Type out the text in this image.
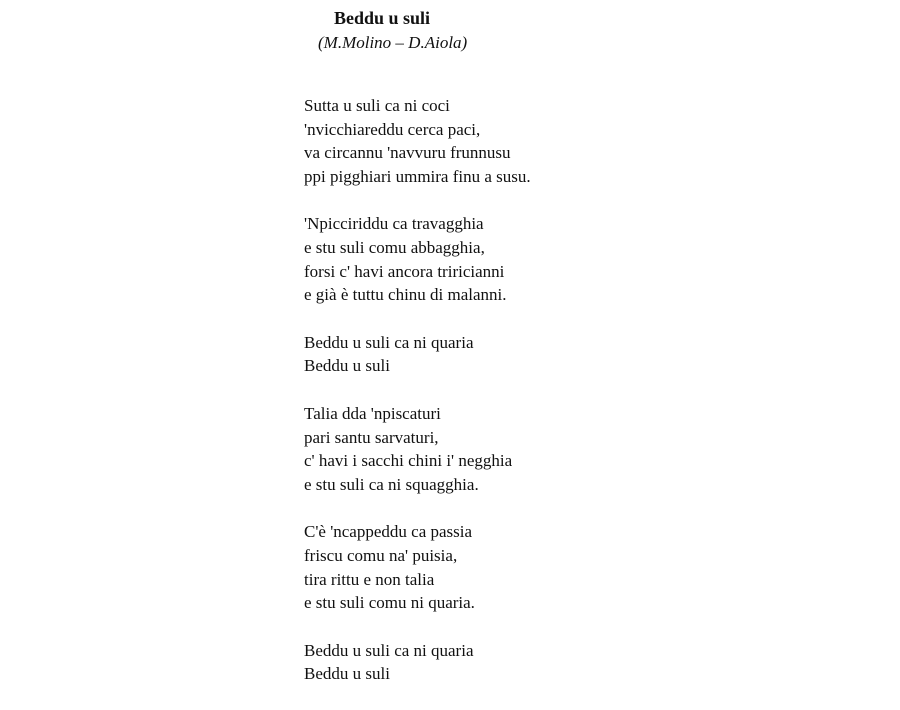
Beddu u suli
(M.Molino – D.Aiola)
Sutta u suli ca ni coci
'nvicchiareddu cerca paci,
va circannu 'navvuru frunnusu
ppi pigghiari ummira finu a susu.
'Npicciriddu ca travagghia
e stu suli comu abbagghia,
forsi c' havi ancora triricianni
e già è tuttu chinu di malanni.
Beddu u suli ca ni quaria
Beddu u suli
Talia dda 'npiscaturi
pari santu sarvaturi,
c' havi i sacchi chini i' negghia
e stu suli ca ni squagghia.
C'è 'ncappeddu ca passia
friscu comu na' puisia,
tira rittu e non talia
e stu suli comu ni quaria.
Beddu u suli ca ni quaria
Beddu u suli
